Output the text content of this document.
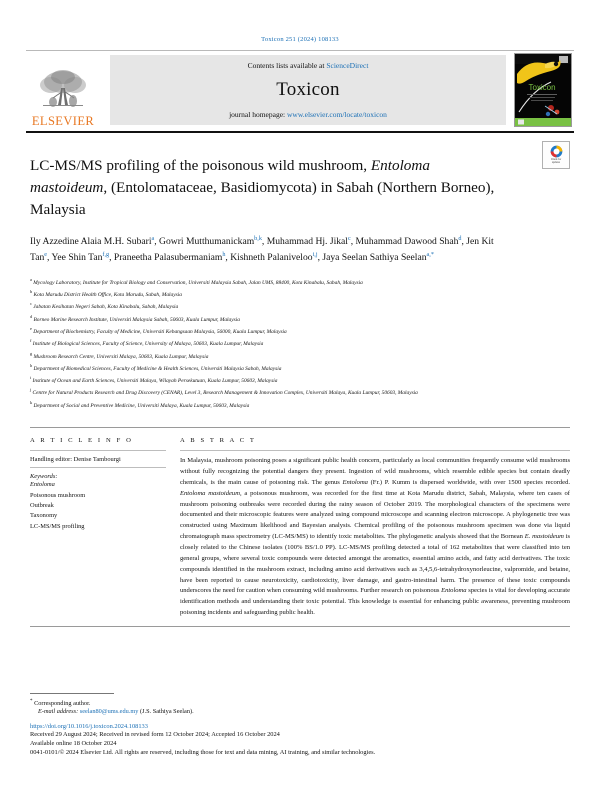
Toxicon 251 (2024) 108133
ELSEVIER
Contents lists available at ScienceDirect
Toxicon
journal homepage: www.elsevier.com/locate/toxicon
Toxicon
Check for
updates
LC-MS/MS profiling of the poisonous wild mushroom, Entoloma mastoideum, (Entolomataceae, Basidiomycota) in Sabah (Northern Borneo), Malaysia
Ily Azzedine Alaia M.H. Subari$^a$, Gowri Mutthumanickam$^{b,k}$, Muhammad Hj. Jikal$^c$, Muhammad Dawood Shah$^d$, Jen Kit Tan$^e$, Yee Shin Tan$^{f,g}$, Praneetha Palasubermaniam$^h$, Kishneth Palaniveloo$^{i,j}$, Jaya Seelan Sathiya Seelan$^{a,*}$
$^a$ Mycology Laboratory, Institute for Tropical Biology and Conservation, Universiti Malaysia Sabah, Jalan UMS, 88400, Kota Kinabalu, Sabah, Malaysia
$^b$ Kota Marudu District Health Office, Kota Marudu, Sabah, Malaysia
$^c$ Jabatan Kesihatan Negeri Sabah, Kota Kinabalu, Sabah, Malaysia
$^d$ Borneo Marine Research Institute, Universiti Malaysia Sabah, 50603, Kuala Lumpur, Malaysia
$^e$ Department of Biochemistry, Faculty of Medicine, Universiti Kebangsaan Malaysia, 56000, Kuala Lumpur, Malaysia
$^f$ Institute of Biological Sciences, Faculty of Science, University of Malaya, 50603, Kuala Lumpur, Malaysia
$^g$ Mushroom Research Centre, Universiti Malaya, 50603, Kuala Lumpur, Malaysia
$^h$ Department of Biomedical Sciences, Faculty of Medicine & Health Sciences, Universiti Malaysia Sabah, Malaysia
$^i$ Institute of Ocean and Earth Sciences, Universiti Malaya, Wilayah Persekutuan, Kuala Lumpur, 50603, Malaysia
$^j$ Centre for Natural Products Research and Drug Discovery (CENAR), Level 3, Research Management & Innovation Complex, Universiti Malaya, Kuala Lumpur, 50603, Malaysia
$^k$ Department of Social and Preventive Medicine, Universiti Malaya, Kuala Lumpur, 50603, Malaysia
A R T I C L E I N F O
Handling editor: Denise Tambourgi
Keywords:
Entoloma
Poisonous mushroom
Outbreak
Taxonomy
LC-MS/MS profiling
A B S T R A C T
In Malaysia, mushroom poisoning poses a significant public health concern, particularly as local communities frequently consume wild mushrooms without fully recognizing the potential dangers they present. Ingestion of wild mushrooms, which resemble edible species but contain deadly chemicals, is the main cause of poisoning risk. The genus Entoloma (Fr.) P. Kumm is dispersed worldwide, with over 1500 species recorded. Entoloma mastoideum, a poisonous mushroom, was recorded for the first time at Kota Marudu district, Sabah, Malaysia, where ten cases of mushroom poisoning outbreaks were recorded during the rainy season of October 2019. The morphological characters of the specimens were documented and their microscopic features were analyzed using compound microscope and scanning electron microscope. A phylogenetic tree was constructed using Maximum likelihood and Bayesian analysis. Chemical profiling of the poisonous mushroom specimen was done via liquid chromatograph mass spectrometry (LC-MS/MS) to identify toxic metabolites. The phylogenetic analysis showed that the Bornean E. mastoideum is closely related to the Chinese isolates (100% BS/1.0 PP). LC-MS/MS profiling detected a total of 162 metabolites that were classified into ten general groups, where several toxic compounds were detected amongst the aromatics, essential amino acids, and fatty acid derivatives. The toxic compounds identified in the mushroom extract, including amino acid derivatives such as 3,4,5,6-tetrahydroxynorleucine, valpromide, and betaine, have been reported to cause neurotoxicity, cardiotoxicity, liver damage, and gastro-intestinal harm. The presence of these toxic compounds underscores the need for caution when consuming wild mushrooms. Further research on poisonous Entoloma species is vital for developing accurate identification methods and understanding their toxic potential. This knowledge is essential for enhancing public awareness, preventing mushroom poisoning incidents and safeguarding public health.
* Corresponding author.
E-mail address: seelan80@ums.edu.my (J.S. Sathiya Seelan).
https://doi.org/10.1016/j.toxicon.2024.108133
Received 29 August 2024; Received in revised form 12 October 2024; Accepted 16 October 2024
Available online 18 October 2024
0041-0101/© 2024 Elsevier Ltd. All rights are reserved, including those for text and data mining, AI training, and similar technologies.
